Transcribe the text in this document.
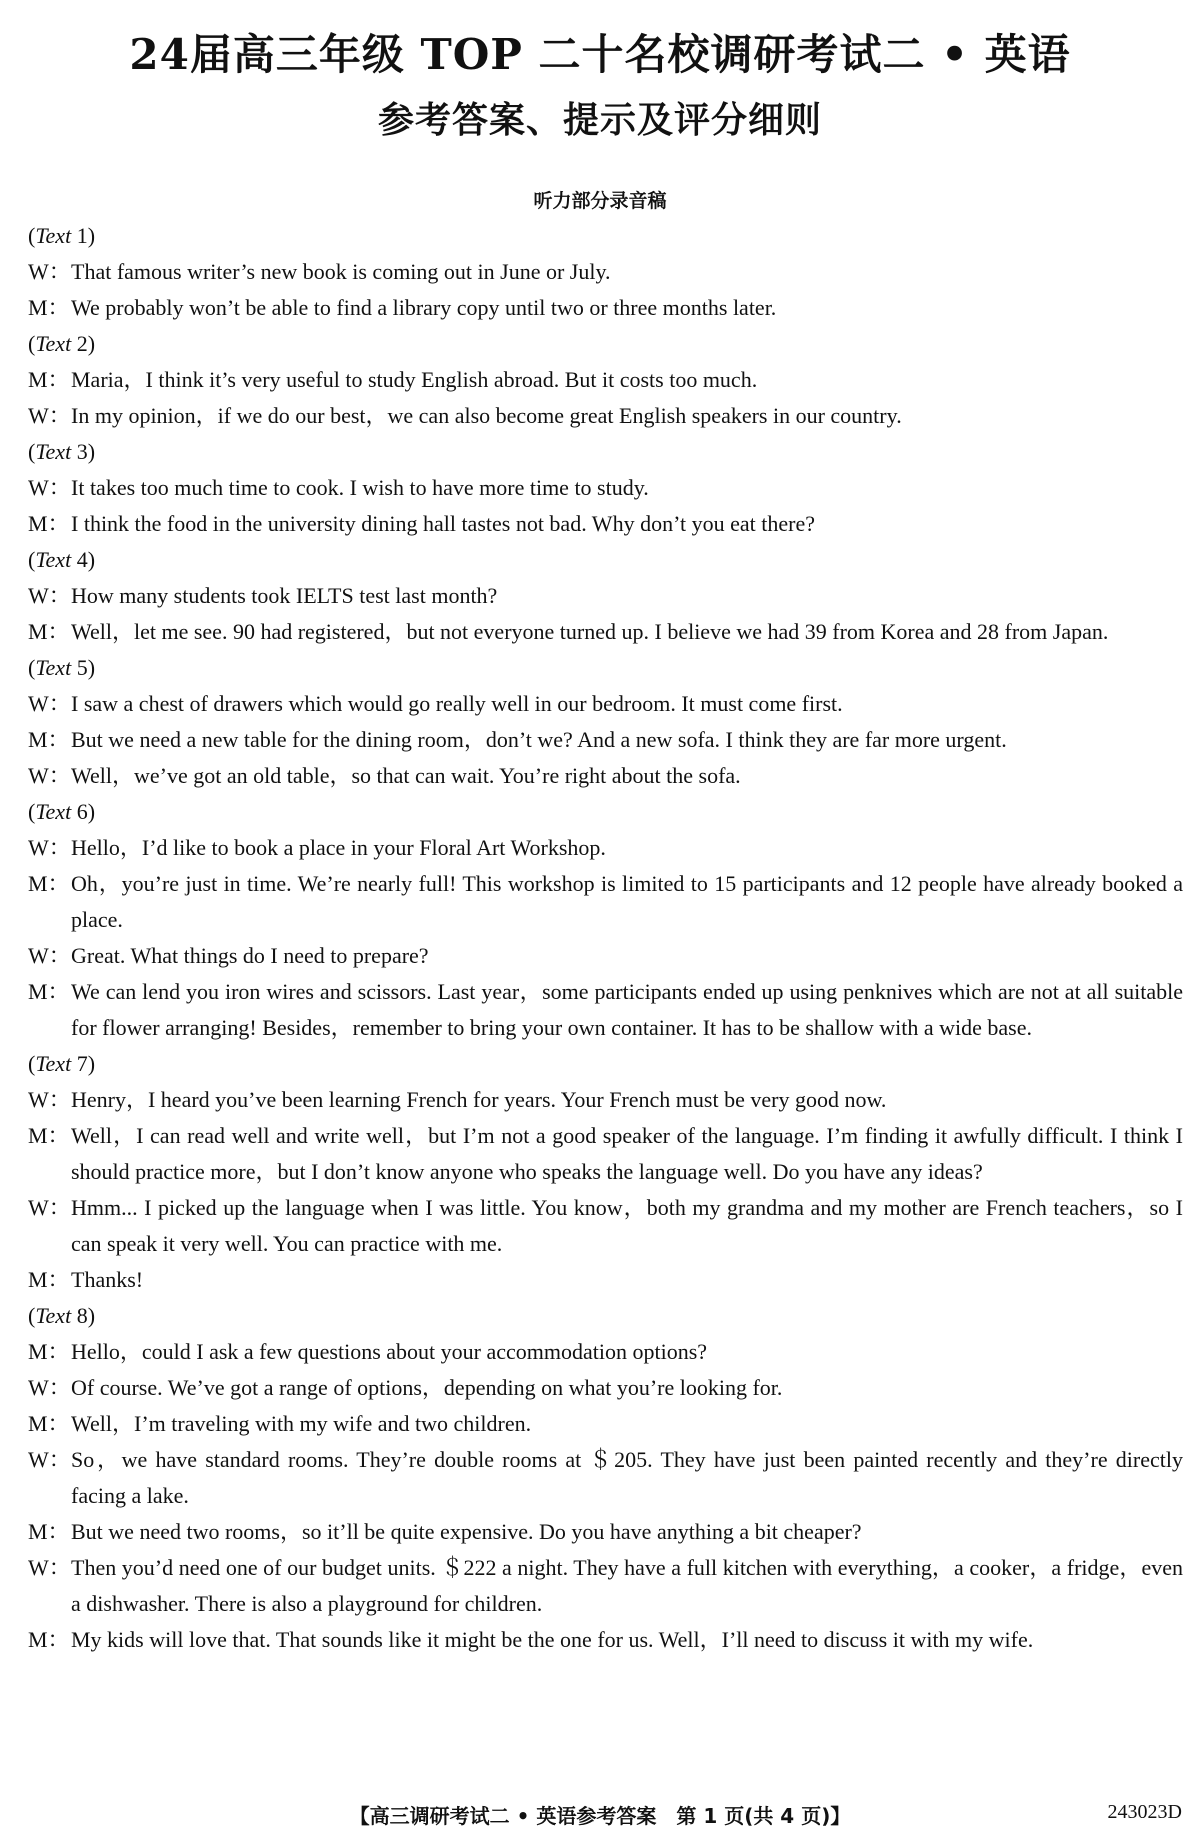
24届高三年级 TOP 二十名校调研考试二 • 英语
参考答案、提示及评分细则
听力部分录音稿
(Text 1)
W：That famous writer’s new book is coming out in June or July.
M：We probably won’t be able to find a library copy until two or three months later.
(Text 2)
M：Maria，I think it’s very useful to study English abroad. But it costs too much.
W：In my opinion，if we do our best，we can also become great English speakers in our country.
(Text 3)
W：It takes too much time to cook. I wish to have more time to study.
M：I think the food in the university dining hall tastes not bad. Why don’t you eat there?
(Text 4)
W：How many students took IELTS test last month?
M：Well，let me see. 90 had registered，but not everyone turned up. I believe we had 39 from Korea and 28 from Japan.
(Text 5)
W：I saw a chest of drawers which would go really well in our bedroom. It must come first.
M：But we need a new table for the dining room，don’t we? And a new sofa. I think they are far more urgent.
W：Well，we’ve got an old table，so that can wait. You’re right about the sofa.
(Text 6)
W：Hello，I’d like to book a place in your Floral Art Workshop.
M：Oh，you’re just in time. We’re nearly full! This workshop is limited to 15 participants and 12 people have already booked a place.
W：Great. What things do I need to prepare?
M：We can lend you iron wires and scissors. Last year，some participants ended up using penknives which are not at all suitable for flower arranging! Besides，remember to bring your own container. It has to be shallow with a wide base.
(Text 7)
W：Henry，I heard you’ve been learning French for years. Your French must be very good now.
M：Well，I can read well and write well，but I’m not a good speaker of the language. I’m finding it awfully difficult. I think I should practice more，but I don’t know anyone who speaks the language well. Do you have any ideas?
W：Hmm... I picked up the language when I was little. You know，both my grandma and my mother are French teachers，so I can speak it very well. You can practice with me.
M：Thanks!
(Text 8)
M：Hello，could I ask a few questions about your accommodation options?
W：Of course. We’ve got a range of options，depending on what you’re looking for.
M：Well，I’m traveling with my wife and two children.
W：So，we have standard rooms. They’re double rooms at ＄205. They have just been painted recently and they’re directly facing a lake.
M：But we need two rooms，so it’ll be quite expensive. Do you have anything a bit cheaper?
W：Then you’d need one of our budget units. ＄222 a night. They have a full kitchen with everything，a cooker，a fridge，even a dishwasher. There is also a playground for children.
M：My kids will love that. That sounds like it might be the one for us. Well，I’ll need to discuss it with my wife.
【高三调研考试二 • 英语参考答案　第 1 页(共 4 页)】	243023D
